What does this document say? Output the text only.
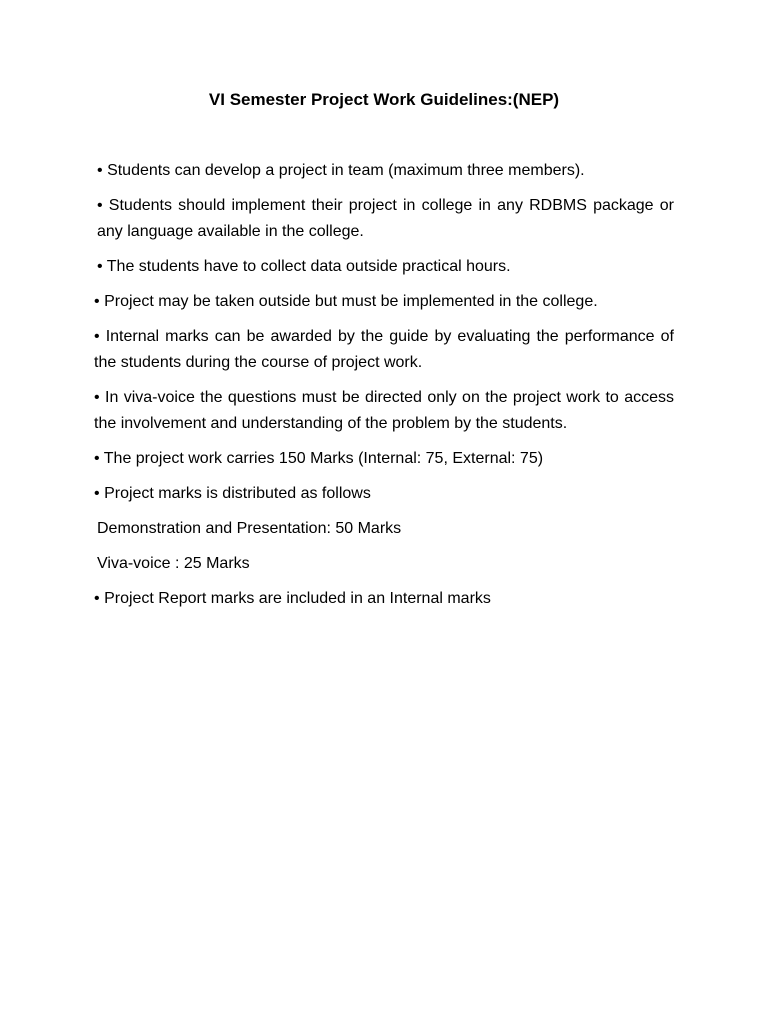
VI Semester Project Work Guidelines:(NEP)

• Students can develop a project in team (maximum three members).

• Students should implement their project in college in any RDBMS package or any language available in the college.

• The students have to collect data outside practical hours.

• Project may be taken outside but must be implemented in the college.

• Internal marks can be awarded by the guide by evaluating the performance of the students during the course of project work.

• In viva-voice the questions must be directed only on the project work to access the involvement and understanding of the problem by the students.

• The project work carries 150 Marks (Internal: 75, External: 75)

• Project marks is distributed as follows

Demonstration and Presentation: 50 Marks

Viva-voice : 25 Marks

• Project Report marks are included in an Internal marks
